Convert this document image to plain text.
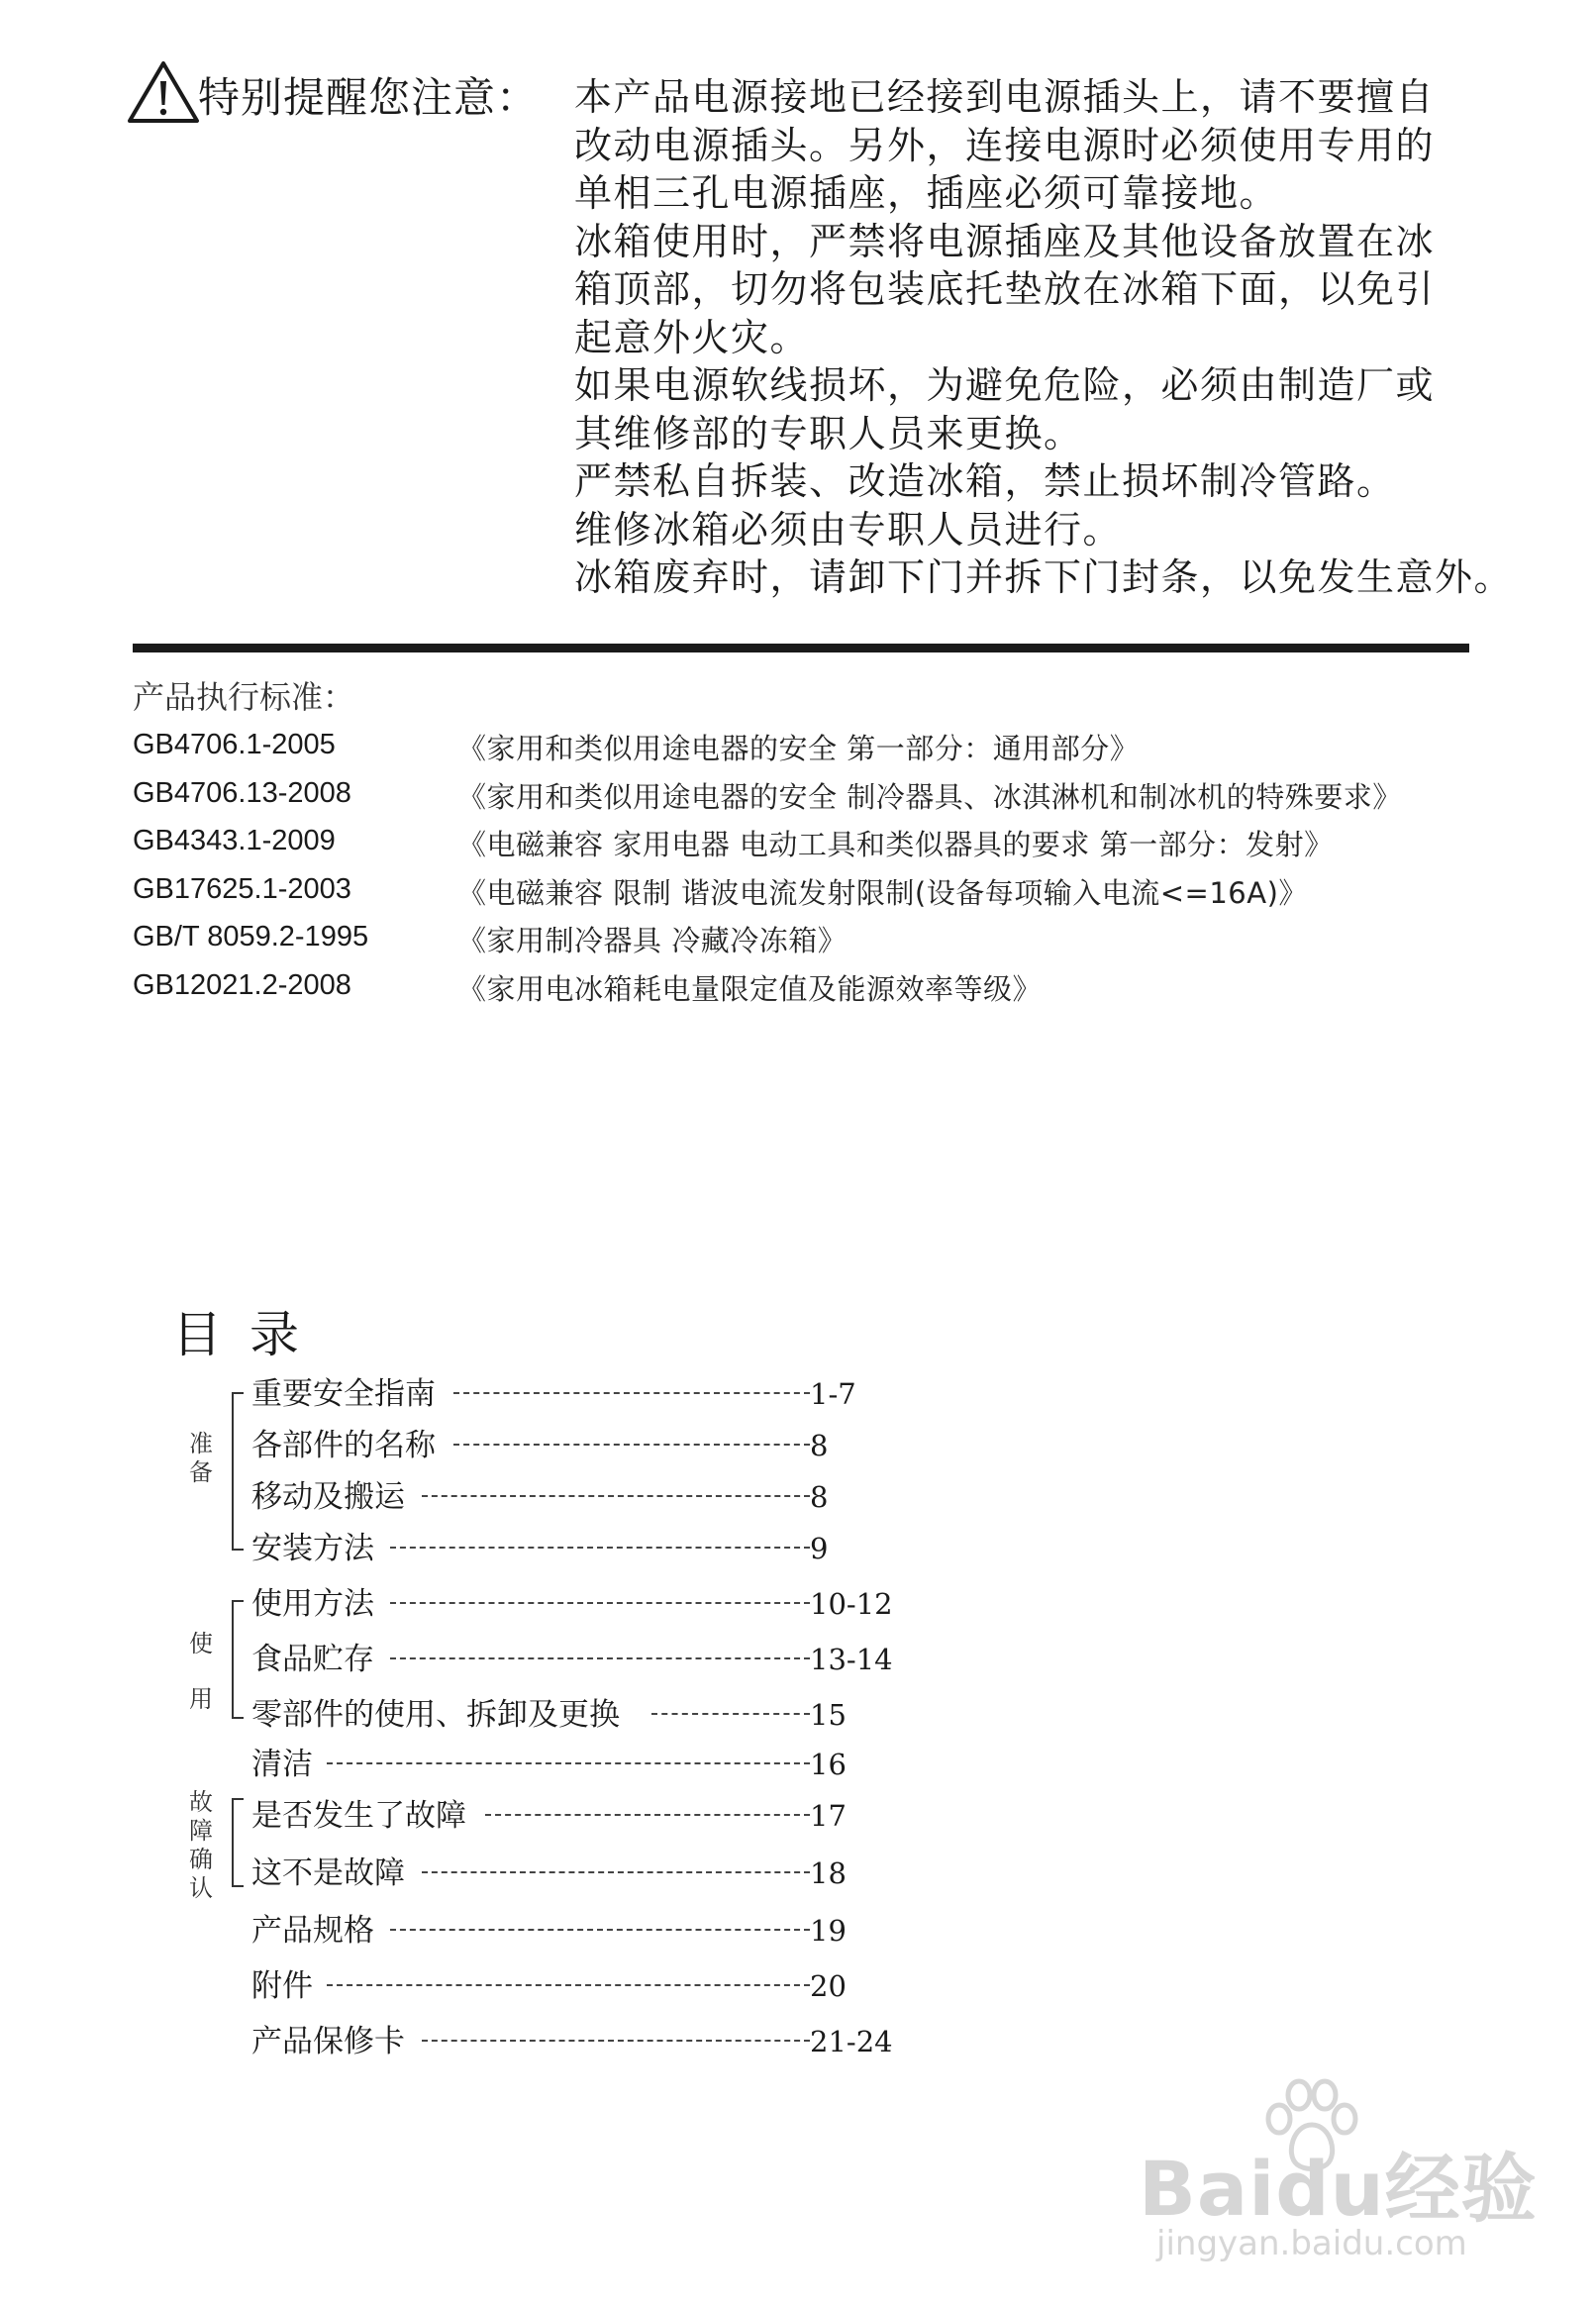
特别提醒您注意： 本产品电源接地已经接到电源插头上，请不要擅自
改动电源插头。另外，连接电源时必须使用专用的
单相三孔电源插座，插座必须可靠接地。
冰箱使用时，严禁将电源插座及其他设备放置在冰
箱顶部，切勿将包装底托垫放在冰箱下面，以免引
起意外火灾。
如果电源软线损坏，为避免危险，必须由制造厂或
其维修部的专职人员来更换。
严禁私自拆装、改造冰箱，禁止损坏制冷管路。
维修冰箱必须由专职人员进行。
冰箱废弃时，请卸下门并拆下门封条，以免发生意外。
产品执行标准：
GB4706.1-2005	《家用和类似用途电器的安全 第一部分：通用部分》
GB4706.13-2008	《家用和类似用途电器的安全 制冷器具、冰淇淋机和制冰机的特殊要求》
GB4343.1-2009	《电磁兼容 家用电器 电动工具和类似器具的要求 第一部分：发射》
GB17625.1-2003	《电磁兼容 限制 谐波电流发射限制(设备每项输入电流<=16A)》
GB/T 8059.2-1995	《家用制冷器具 冷藏冷冻箱》
GB12021.2-2008	《家用电冰箱耗电量限定值及能源效率等级》
目录
准
备
使
用
故
障
确
认
重要安全指南	1-7
各部件的名称	8
移动及搬运	8
安装方法	9
使用方法	10-12
食品贮存	13-14
零部件的使用、拆卸及更换	15
清洁	16
是否发生了故障	17
这不是故障	18
产品规格	19
附件	20
产品保修卡	21-24
Baidu经验
jingyan.baidu.com
